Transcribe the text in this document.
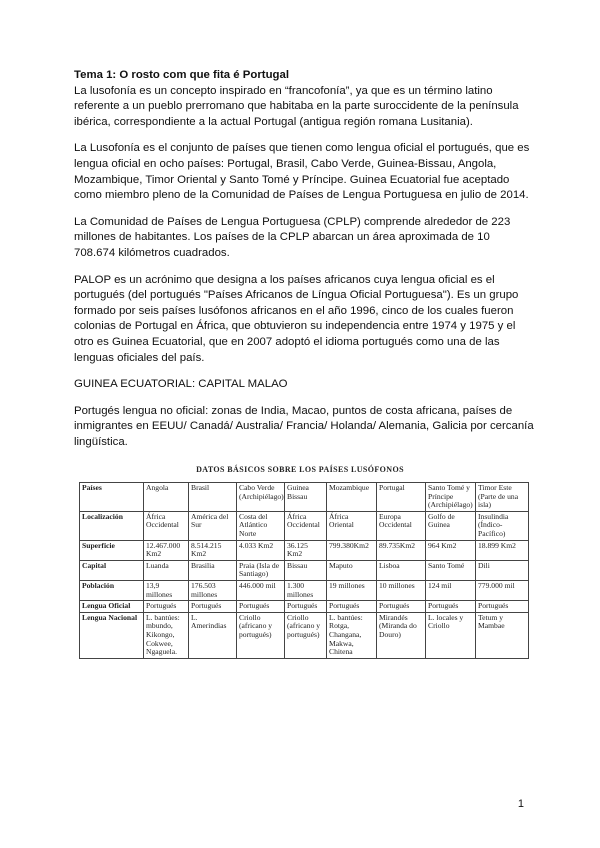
Tema 1: O rosto com que fita é Portugal

La lusofonía es un concepto inspirado en “francofonía”, ya que es un término latino referente a un pueblo prerromano que habitaba en la parte suroccidente de la península ibérica, correspondiente a la actual Portugal (antigua región romana Lusitania).

La Lusofonía es el conjunto de países que tienen como lengua oficial el portugués, que es lengua oficial en ocho países: Portugal, Brasil, Cabo Verde, Guinea-Bissau, Angola, Mozambique, Timor Oriental y Santo Tomé y Príncipe. Guinea Ecuatorial fue aceptado como miembro pleno de la Comunidad de Países de Lengua Portuguesa en julio de 2014.

La Comunidad de Países de Lengua Portuguesa (CPLP) comprende alrededor de 223 millones de habitantes. Los países de la CPLP abarcan un área aproximada de 10 708.674 kilómetros cuadrados.

PALOP es un acrónimo que designa a los países africanos cuya lengua oficial es el portugués (del portugués "Países Africanos de Língua Oficial Portuguesa"). Es un grupo formado por seis países lusófonos africanos en el año 1996, cinco de los cuales fueron colonias de Portugal en África, que obtuvieron su independencia entre 1974 y 1975 y el otro es Guinea Ecuatorial, que en 2007 adoptó el idioma portugués como una de las lenguas oficiales del país.

GUINEA ECUATORIAL: CAPITAL MALAO

Portugés lengua no oficial: zonas de India, Macao, puntos de costa africana, países de inmigrantes en EEUU/ Canadá/ Australia/ Francia/ Holanda/ Alemania, Galicia por cercanía lingüística.

DATOS BÁSICOS SOBRE LOS PAÍSES LUSÓFONOS
Países	Angola	Brasil	Cabo Verde (Archipiélago)	Guinea Bissau	Mozambique	Portugal	Santo Tomé y Príncipe (Archipiélago)	Timor Este (Parte de una isla)
Localización	África Occidental	América del Sur	Costa del Atlántico Norte	África Occidental	África Oriental	Europa Occidental	Golfo de Guinea	Insulindia (Índico-Pacífico)
Superficie	12.467.000 Km2	8.514.215 Km2	4.033 Km2	36.125 Km2	799.380Km2	89.735Km2	964 Km2	18.899 Km2
Capital	Luanda	Brasilia	Praia (Isla de Santiago)	Bissau	Maputo	Lisboa	Santo Tomé	Dili
Población	13,9 millones	176.503 millones	446.000 mil	1.300 millones	19 millones	10 millones	124 mil	779.000 mil
Lengua Oficial	Portugués	Portugués	Portugués	Portugués	Portugués	Portugués	Portugués	Portugués
Lengua Nacional	L. bantúes: mbundo, Kikongo, Cokwee, Ngaguela.	L. Amerindias	Criollo (africano y portugués)	Criollo (africano y portugués)	L. bantúes: Rotga, Changana, Makwa, Chitena	Mirandés (Miranda do Douro)	L. locales y Criollo	Tetum y Mambae
1
